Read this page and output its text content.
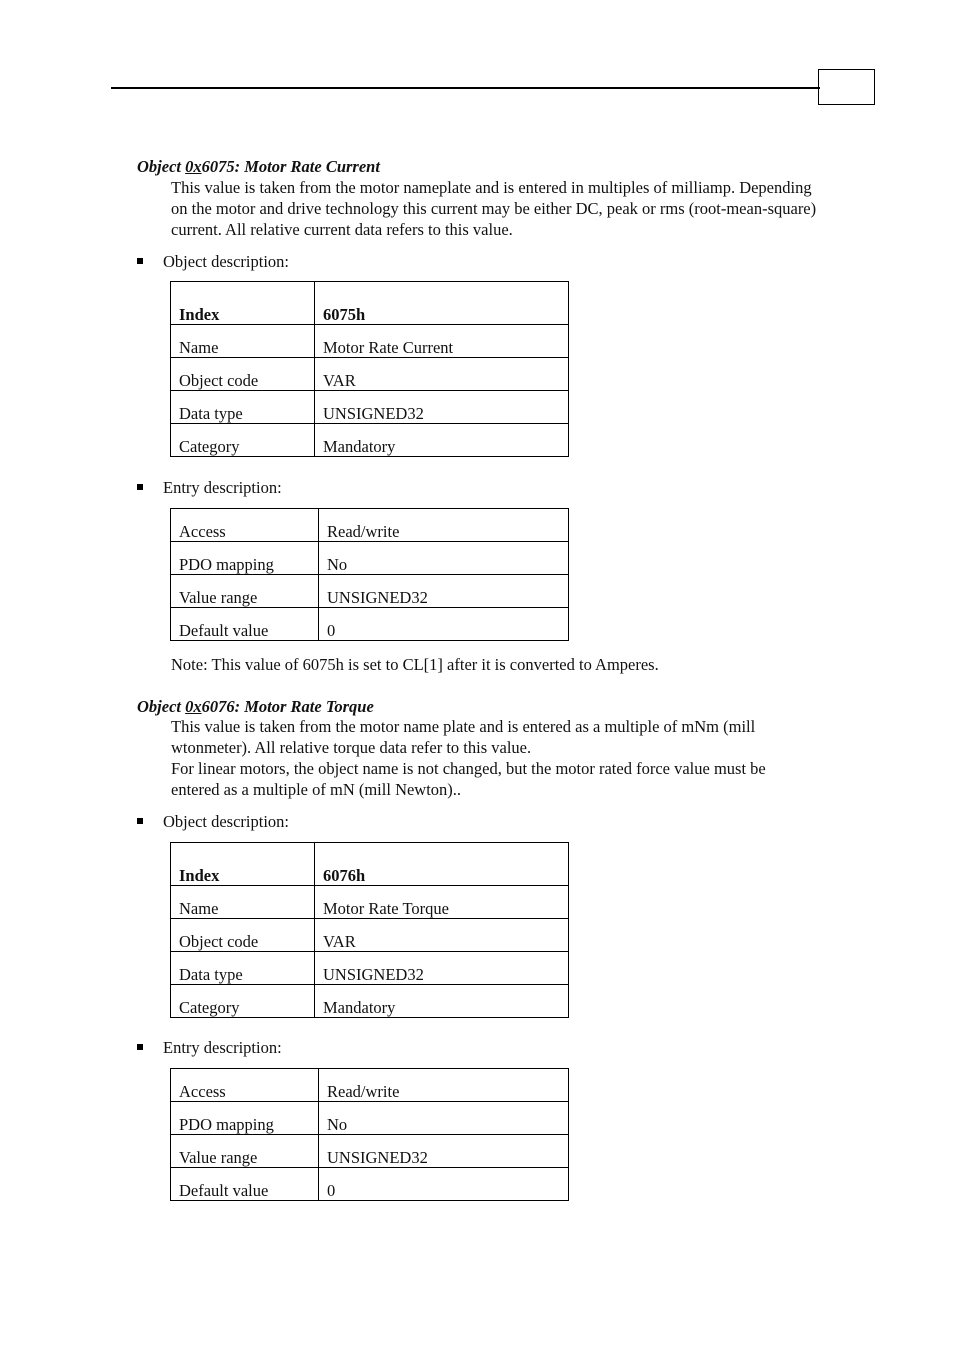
Object 0x6075: Motor Rate Current
This value is taken from the motor nameplate and is entered in multiples of milliamp. Depending on the motor and drive technology this current may be either DC, peak or rms (root-mean-square) current. All relative current data refers to this value.
Object description:
Index	6075h
Name	Motor Rate Current
Object code	VAR
Data type	UNSIGNED32
Category	Mandatory
Entry description:
Access	Read/write
PDO mapping	No
Value range	UNSIGNED32
Default value	0
Note: This value of 6075h is set to CL[1] after it is converted to Amperes.
Object 0x6076: Motor Rate Torque
This value is taken from the motor name plate and is entered as a multiple of mNm (mill wtonmeter). All relative torque data refer to this value.
For linear motors, the object name is not changed, but the motor rated force value must be entered as a multiple of mN (mill Newton)..
Object description:
Index	6076h
Name	Motor Rate Torque
Object code	VAR
Data type	UNSIGNED32
Category	Mandatory
Entry description:
Access	Read/write
PDO mapping	No
Value range	UNSIGNED32
Default value	0
